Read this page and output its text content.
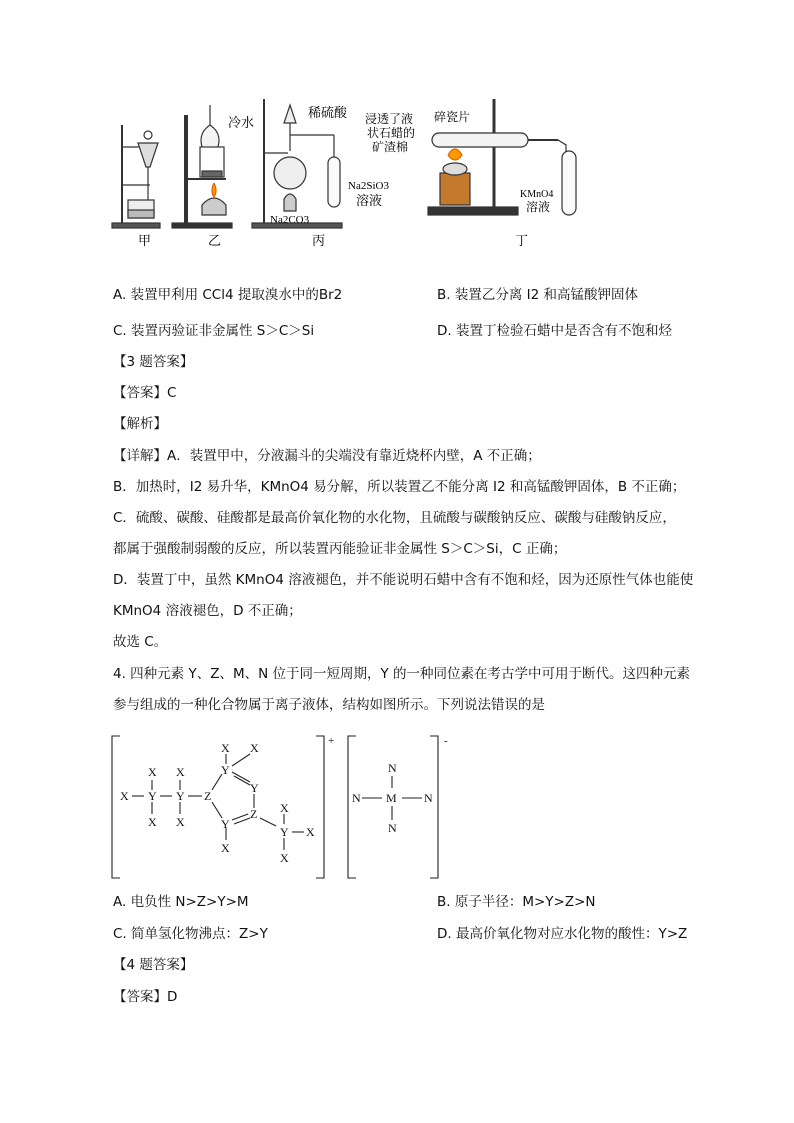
甲	乙	丙	丁
冷水
稀硫酸
Na2SiO3
溶液
Na2CO3
浸透了液
状石蜡的
矿渣棉
碎瓷片
KMnO4
溶液
A. 装置甲利用 CCl4 提取溴水中的Br2	B. 装置乙分离 I2 和高锰酸钾固体
C. 装置丙验证非金属性 S＞C＞Si	D. 装置丁检验石蜡中是否含有不饱和烃
【3 题答案】
【答案】C
【解析】
【详解】A．装置甲中，分液漏斗的尖端没有靠近烧杯内壁，A 不正确；
B．加热时，I2 易升华，KMnO4 易分解，所以装置乙不能分离 I2 和高锰酸钾固体，B 不正确；
C．硫酸、碳酸、硅酸都是最高价氧化物的水化物，且硫酸与碳酸钠反应、碳酸与硅酸钠反应，
都属于强酸制弱酸的反应，所以装置丙能验证非金属性 S＞C＞Si，C 正确；
D．装置丁中，虽然 KMnO4 溶液褪色，并不能说明石蜡中含有不饱和烃，因为还原性气体也能使
KMnO4 溶液褪色，D 不正确；
故选 C。
4. 四种元素 Y、Z、M、N 位于同一短周期，Y 的一种同位素在考古学中可用于断代。这四种元素
参与组成的一种化合物属于离子液体，结构如图所示。下列说法错误的是
X Y Y
X X
X X
Z
X
Y
X
Y
Z
Y
X
X
Y X
X
+
N
N M N
N
-
A. 电负性 N>Z>Y>M	B. 原子半径：M>Y>Z>N
C. 简单氢化物沸点：Z>Y	D. 最高价氧化物对应水化物的酸性：Y>Z
【4 题答案】
【答案】D
